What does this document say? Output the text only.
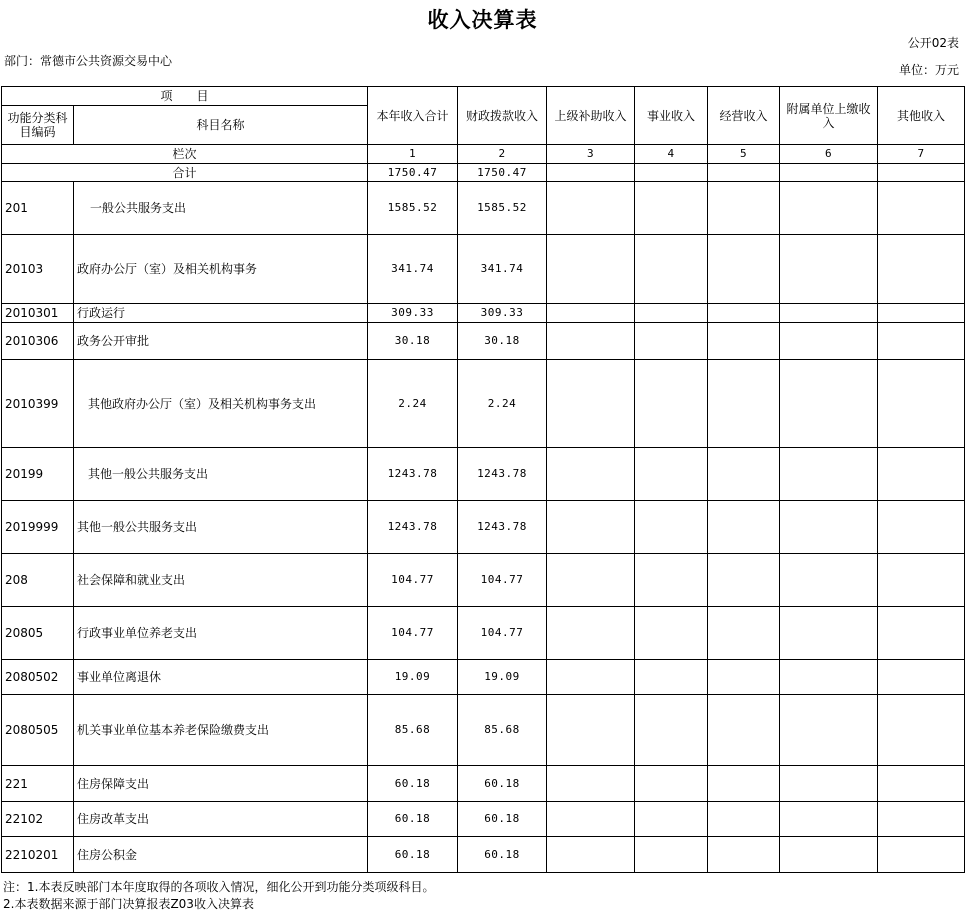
收入决算表
公开02表
部门：常德市公共资源交易中心
单位：万元
项　　目		本年收入合计	财政拨款收入	上级补助收入	事业收入	经营收入	附属单位上缴收入	其他收入
功能分类科目编码	科目名称							
栏次		1	2	3	4	5	6	7
合计		1750.47	1750.47					
201	一般公共服务支出	1585.52	1585.52					
20103	政府办公厅（室）及相关机构事务	341.74	341.74					
2010301	行政运行	309.33	309.33					
2010306	政务公开审批	30.18	30.18					
2010399	其他政府办公厅（室）及相关机构事务支出	2.24	2.24					
20199	其他一般公共服务支出	1243.78	1243.78					
2019999	其他一般公共服务支出	1243.78	1243.78					
208	社会保障和就业支出	104.77	104.77					
20805	行政事业单位养老支出	104.77	104.77					
2080502	事业单位离退休	19.09	19.09					
2080505	机关事业单位基本养老保险缴费支出	85.68	85.68					
221	住房保障支出	60.18	60.18					
22102	住房改革支出	60.18	60.18					
2210201	住房公积金	60.18	60.18					
注：1.本表反映部门本年度取得的各项收入情况，细化公开到功能分类项级科目。
2.本表数据来源于部门决算报表Z03收入决算表
